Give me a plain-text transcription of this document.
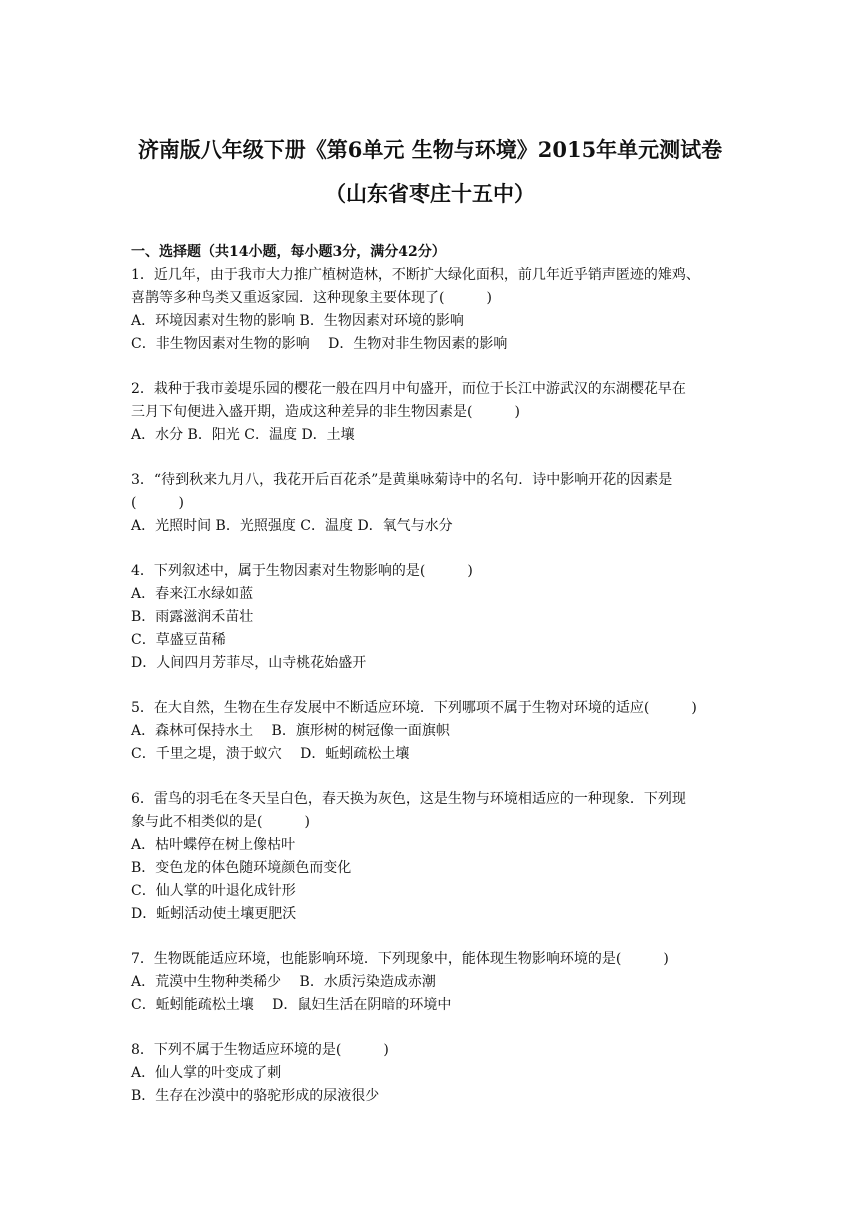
济南版八年级下册《第6单元 生物与环境》2015年单元测试卷
（山东省枣庄十五中）
一、选择题（共14小题，每小题3分，满分42分）
1．近几年，由于我市大力推广植树造林，不断扩大绿化面积，前几年近乎销声匿迹的雉鸡、
喜鹊等多种鸟类又重返家园．这种现象主要体现了(　　　)
A．环境因素对生物的影响 B．生物因素对环境的影响
C．非生物因素对生物的影响　 D．生物对非生物因素的影响
2．栽种于我市姜堤乐园的樱花一般在四月中旬盛开，而位于长江中游武汉的东湖樱花早在
三月下旬便进入盛开期，造成这种差异的非生物因素是(　　　)
A．水分 B．阳光 C．温度 D．土壤
3．“待到秋来九月八，我花开后百花杀”是黄巢咏菊诗中的名句．诗中影响开花的因素是
(　　　)
A．光照时间 B．光照强度 C．温度 D．氧气与水分
4．下列叙述中，属于生物因素对生物影响的是(　　　)
A．春来江水绿如蓝
B．雨露滋润禾苗壮
C．草盛豆苗稀
D．人间四月芳菲尽，山寺桃花始盛开
5．在大自然，生物在生存发展中不断适应环境．下列哪项不属于生物对环境的适应(　　　)
A．森林可保持水土　 B．旗形树的树冠像一面旗帜
C．千里之堤，溃于蚁穴　 D．蚯蚓疏松土壤
6．雷鸟的羽毛在冬天呈白色，春天换为灰色，这是生物与环境相适应的一种现象．下列现
象与此不相类似的是(　　　)
A．枯叶蝶停在树上像枯叶
B．变色龙的体色随环境颜色而变化
C．仙人掌的叶退化成针形
D．蚯蚓活动使土壤更肥沃
7．生物既能适应环境，也能影响环境．下列现象中，能体现生物影响环境的是(　　　)
A．荒漠中生物种类稀少　 B．水质污染造成赤潮
C．蚯蚓能疏松土壤　 D．鼠妇生活在阴暗的环境中
8．下列不属于生物适应环境的是(　　　)
A．仙人掌的叶变成了刺
B．生存在沙漠中的骆驼形成的尿液很少
